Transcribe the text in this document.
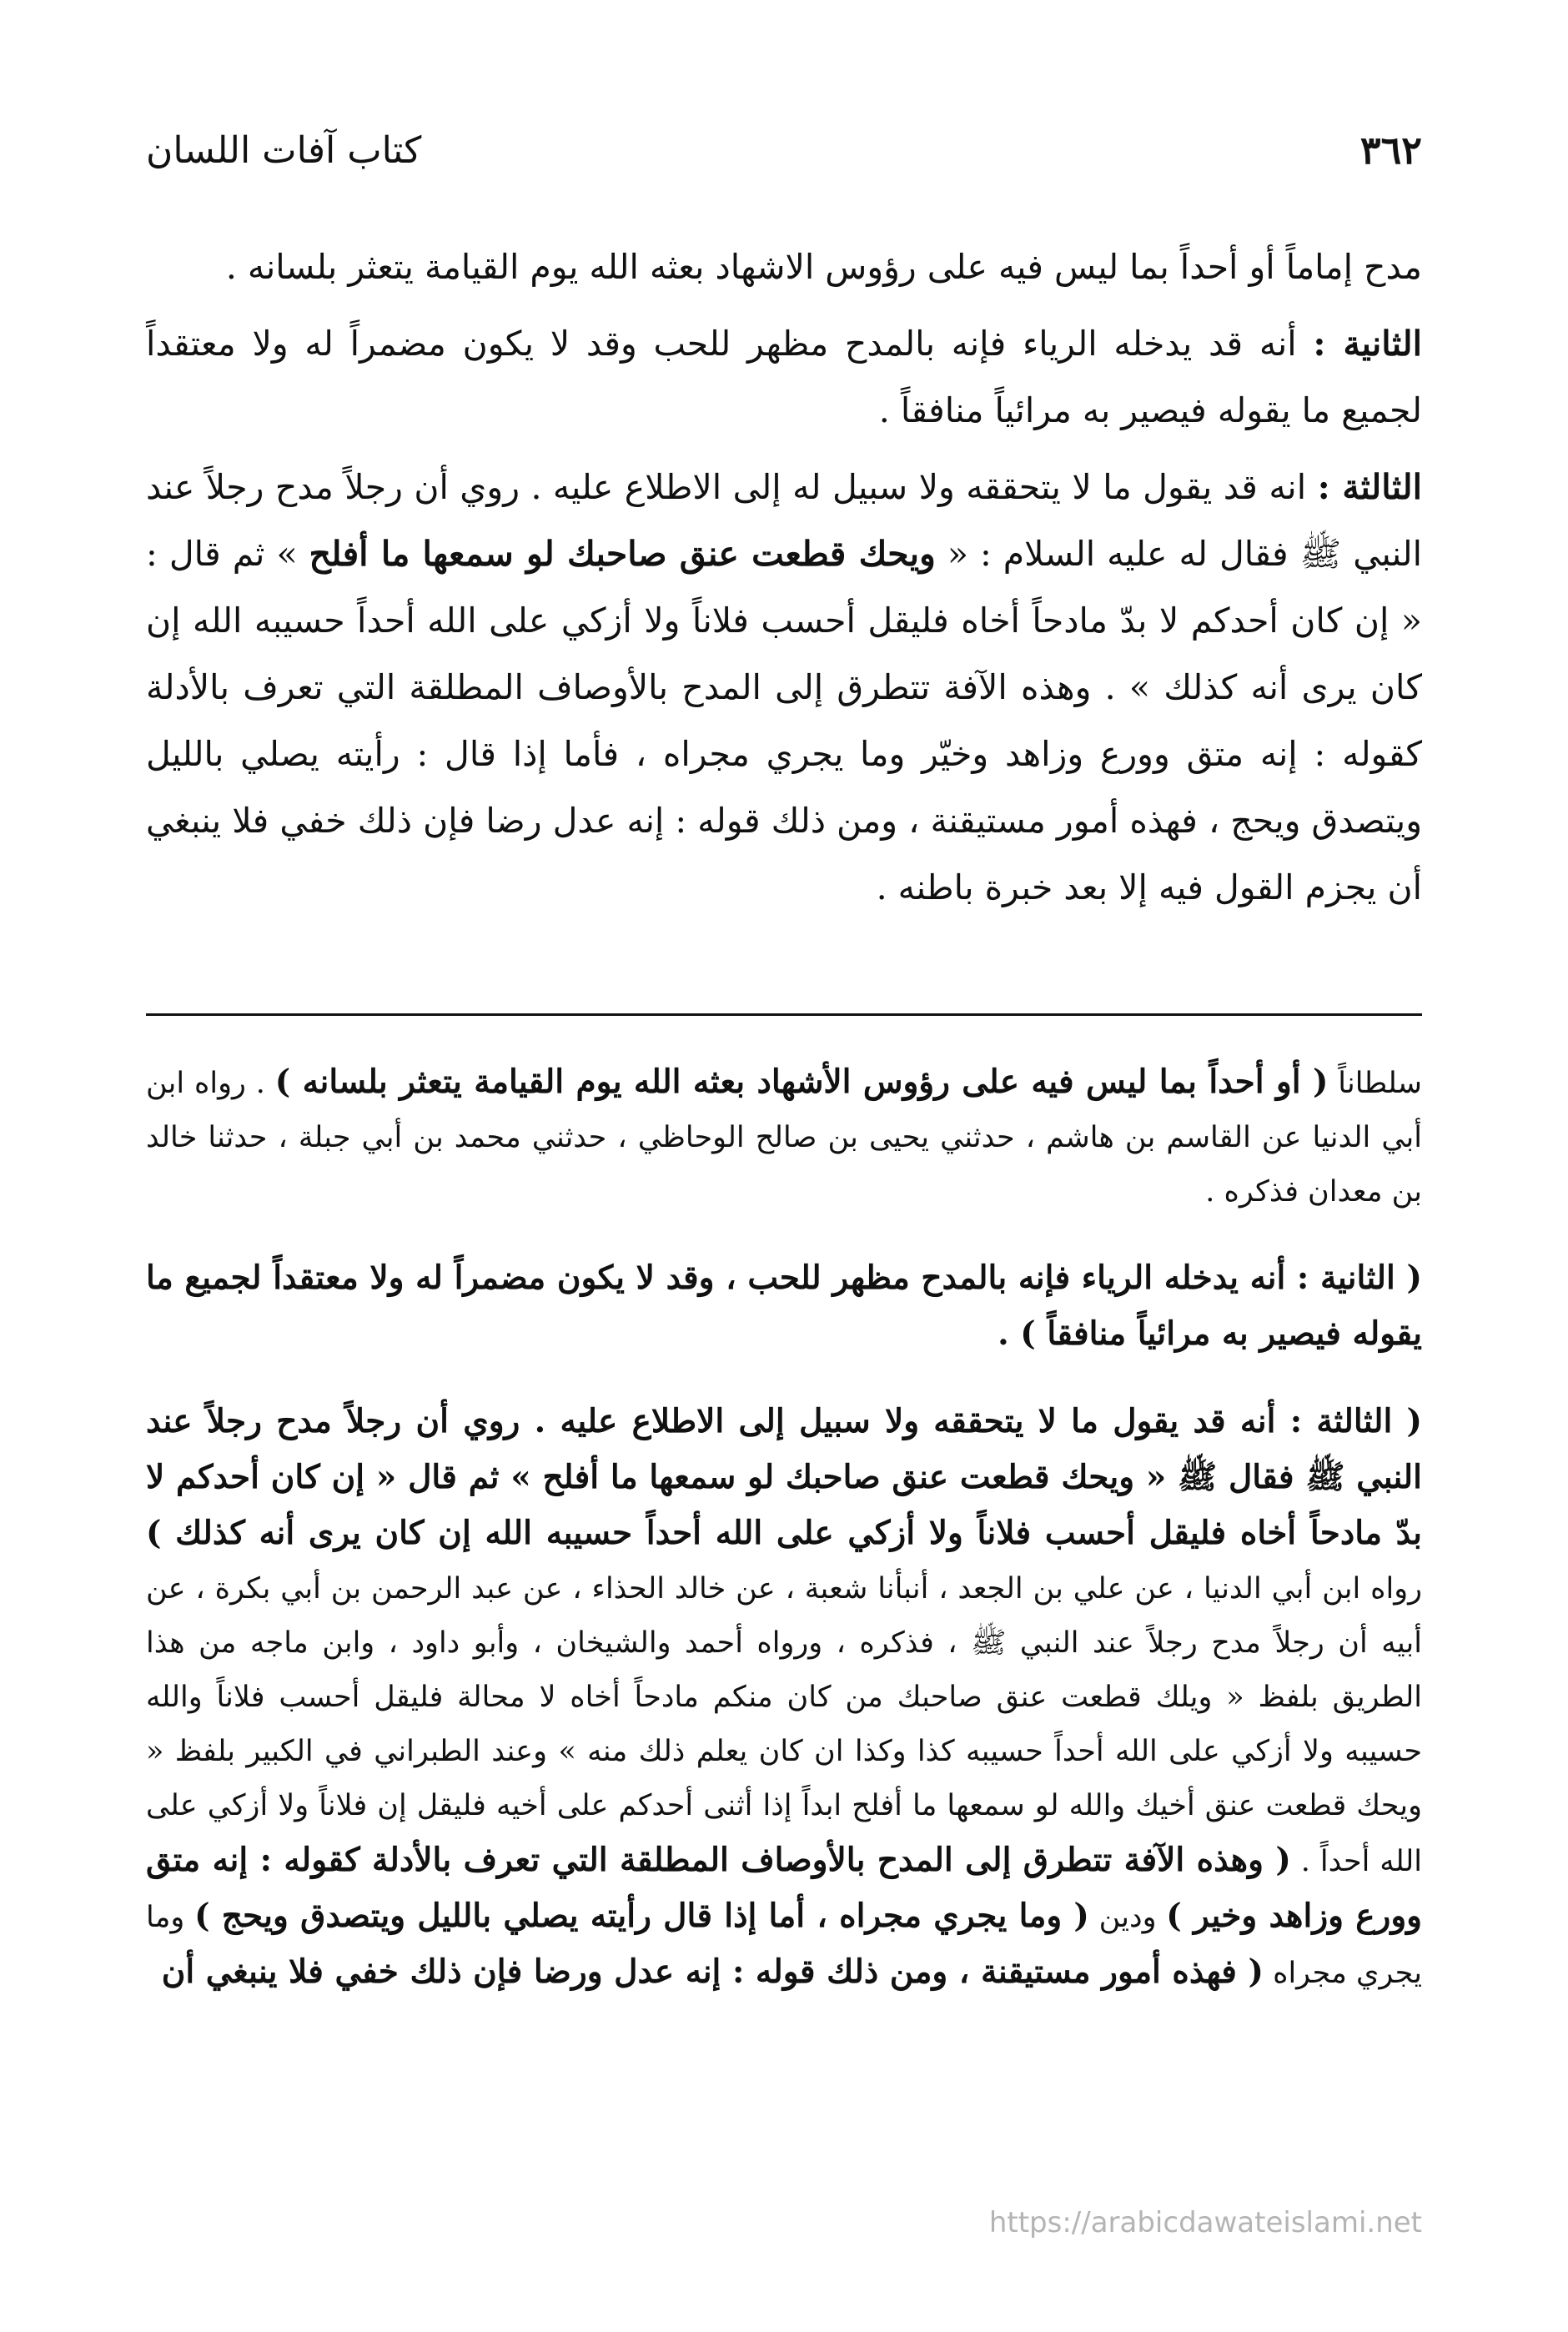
٣٦٢
كتاب آفات اللسان

مدح إماماً أو أحداً بما ليس فيه على رؤوس الاشهاد بعثه الله يوم القيامة يتعثر بلسانه .

الثانية : أنه قد يدخله الرياء فإنه بالمدح مظهر للحب وقد لا يكون مضمراً له ولا معتقداً لجميع ما يقوله فيصير به مرائياً منافقاً .

الثالثة : انه قد يقول ما لا يتحققه ولا سبيل له إلى الاطلاع عليه . روي أن رجلاً مدح رجلاً عند النبي ﷺ فقال له عليه السلام : « ويحك قطعت عنق صاحبك لو سمعها ما أفلح » ثم قال : « إن كان أحدكم لا بدّ مادحاً أخاه فليقل أحسب فلاناً ولا أزكي على الله أحداً حسيبه الله إن كان يرى أنه كذلك » . وهذه الآفة تتطرق إلى المدح بالأوصاف المطلقة التي تعرف بالأدلة كقوله : إنه متق وورع وزاهد وخيّر وما يجري مجراه ، فأما إذا قال : رأيته يصلي بالليل ويتصدق ويحج ، فهذه أمور مستيقنة ، ومن ذلك قوله : إنه عدل رضا فإن ذلك خفي فلا ينبغي أن يجزم القول فيه إلا بعد خبرة باطنه .

سلطاناً ( أو أحداً بما ليس فيه على رؤوس الأشهاد بعثه الله يوم القيامة يتعثر بلسانه ) . رواه ابن أبي الدنيا عن القاسم بن هاشم ، حدثني يحيى بن صالح الوحاظي ، حدثني محمد بن أبي جبلة ، حدثنا خالد بن معدان فذكره .

( الثانية : أنه يدخله الرياء فإنه بالمدح مظهر للحب ، وقد لا يكون مضمراً له ولا معتقداً لجميع ما يقوله فيصير به مرائياً منافقاً ) .

( الثالثة : أنه قد يقول ما لا يتحققه ولا سبيل إلى الاطلاع عليه . روي أن رجلاً مدح رجلاً عند النبي ﷺ فقال ﷺ « ويحك قطعت عنق صاحبك لو سمعها ما أفلح » ثم قال « إن كان أحدكم لا بدّ مادحاً أخاه فليقل أحسب فلاناً ولا أزكي على الله أحداً حسيبه الله إن كان يرى أنه كذلك ) رواه ابن أبي الدنيا ، عن علي بن الجعد ، أنبأنا شعبة ، عن خالد الحذاء ، عن عبد الرحمن بن أبي بكرة ، عن أبيه أن رجلاً مدح رجلاً عند النبي ﷺ ، فذكره ، ورواه أحمد والشيخان ، وأبو داود ، وابن ماجه من هذا الطريق بلفظ « ويلك قطعت عنق صاحبك من كان منكم مادحاً أخاه لا محالة فليقل أحسب فلاناً والله حسيبه ولا أزكي على الله أحداً حسيبه كذا وكذا ان كان يعلم ذلك منه » وعند الطبراني في الكبير بلفظ « ويحك قطعت عنق أخيك والله لو سمعها ما أفلح ابداً إذا أثنى أحدكم على أخيه فليقل إن فلاناً ولا أزكي على الله أحداً . ( وهذه الآفة تتطرق إلى المدح بالأوصاف المطلقة التي تعرف بالأدلة كقوله : إنه متق وورع وزاهد وخير ) ودين ( وما يجري مجراه ، أما إذا قال رأيته يصلي بالليل ويتصدق ويحج ) وما يجري مجراه ( فهذه أمور مستيقنة ، ومن ذلك قوله : إنه عدل ورضا فإن ذلك خفي فلا ينبغي أن

https://arabicdawateislami.net
